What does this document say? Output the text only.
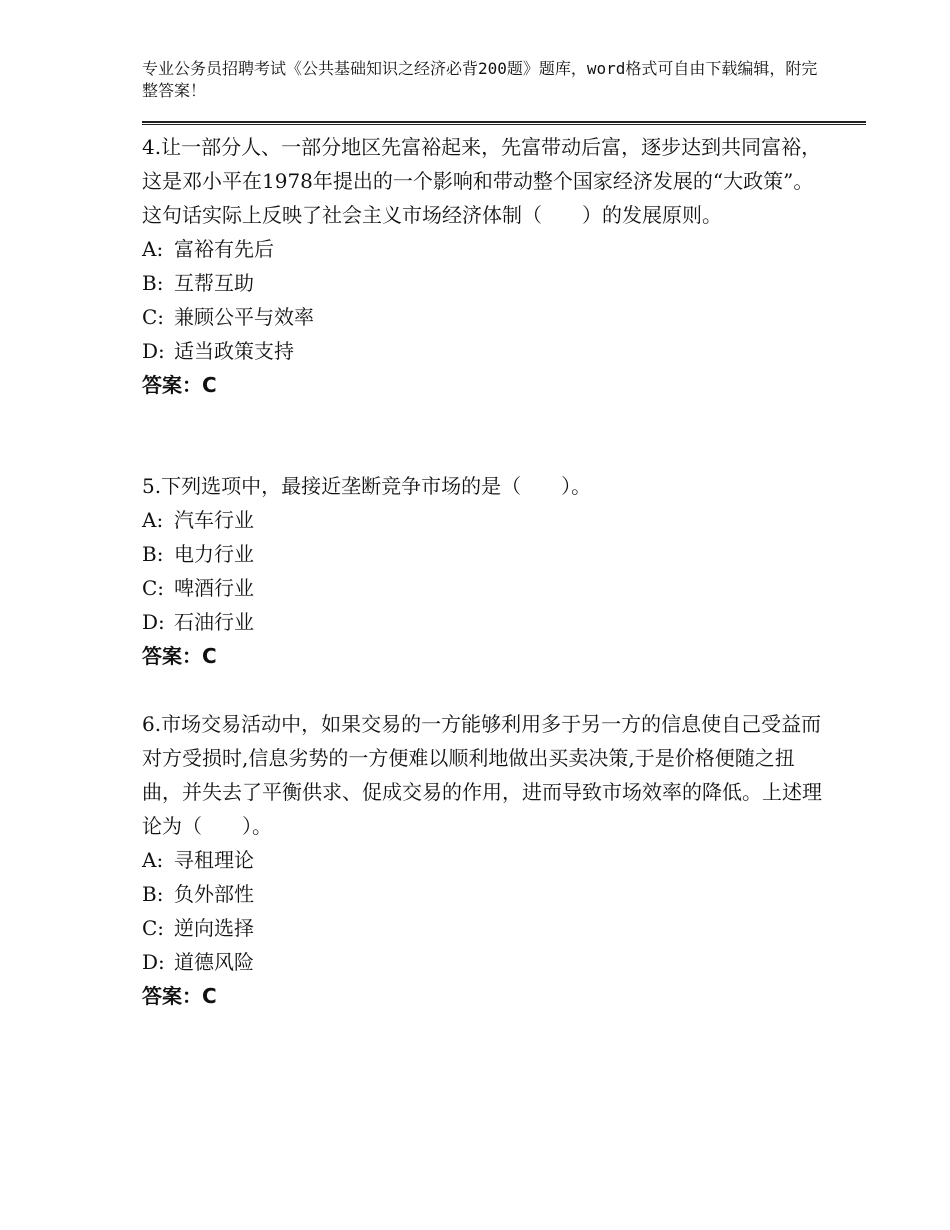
专业公务员招聘考试《公共基础知识之经济必背200题》题库，word格式可自由下载编辑，附完整答案！

4.让一部分人、一部分地区先富裕起来，先富带动后富，逐步达到共同富裕，这是邓小平在1978年提出的一个影响和带动整个国家经济发展的“大政策”。这句话实际上反映了社会主义市场经济体制（　　）的发展原则。

A: 富裕有先后
B: 互帮互助
C: 兼顾公平与效率
D: 适当政策支持
答案：C

5.下列选项中，最接近垄断竞争市场的是（　　）。

A: 汽车行业
B: 电力行业
C: 啤酒行业
D: 石油行业
答案：C

6.市场交易活动中，如果交易的一方能够利用多于另一方的信息使自己受益而对方受损时,信息劣势的一方便难以顺利地做出买卖决策,于是价格便随之扭曲，并失去了平衡供求、促成交易的作用，进而导致市场效率的降低。上述理论为（　　）。

A: 寻租理论
B: 负外部性
C: 逆向选择
D: 道德风险
答案：C
